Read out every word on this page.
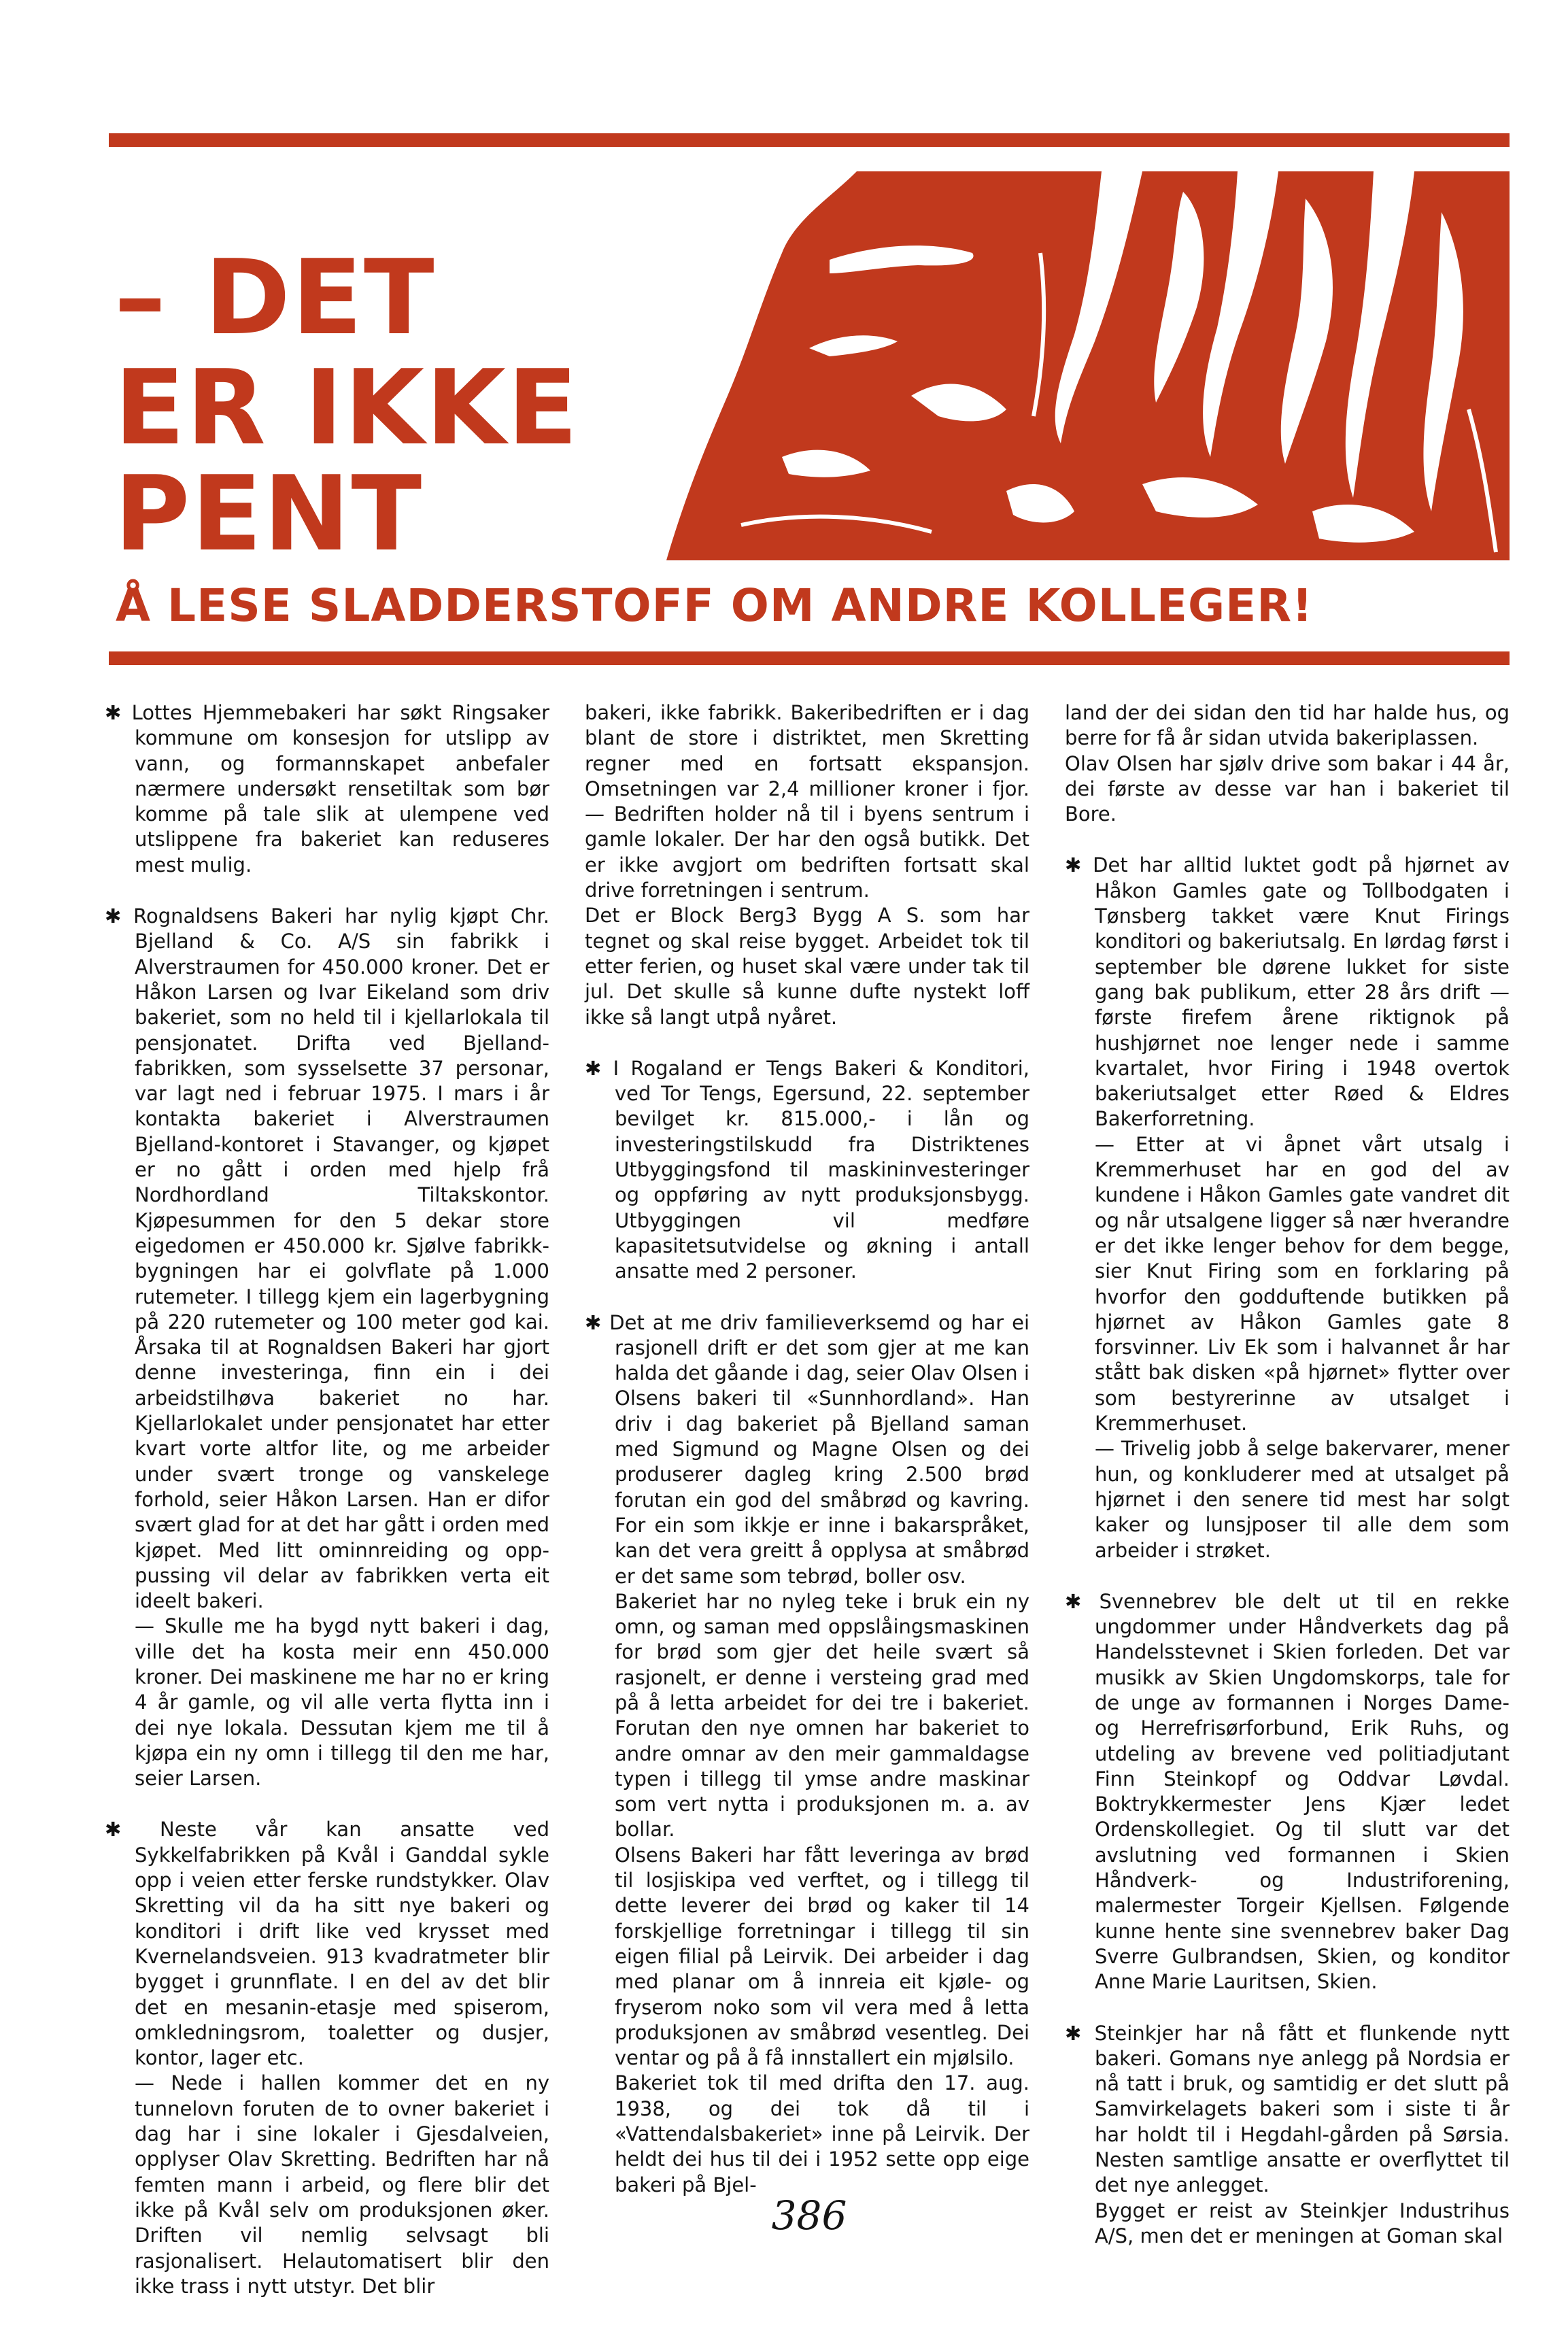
– DET
ER IKKE
PENT
Å LESE SLADDERSTOFF OM ANDRE KOLLEGER!
✱ Lottes Hjemmebakeri har søkt Ringsaker kommune om konsesjon for utslipp av vann, og formannskapet anbefaler nærmere undersøkt rensetiltak som bør komme på tale slik at ulempene ved utslippene fra bakeriet kan reduseres mest mulig.
✱ Rognaldsens Bakeri har nylig kjøpt Chr. Bjelland & Co. A/S sin fabrikk i Alverstraumen for 450.000 kroner. Det er Håkon Larsen og Ivar Eikeland som driv bakeriet, som no held til i kjellarlokala til pensjonatet. Drifta ved Bjelland-fabrikken, som sysselsette 37 personar, var lagt ned i februar 1975. I mars i år kontakta bakeriet i Alverstraumen Bjelland-kontoret i Stavanger, og kjøpet er no gått i orden med hjelp frå Nordhordland Tiltakskontor. Kjøpesummen for den 5 dekar store eigedomen er 450.000 kr. Sjølve fabrikk-bygningen har ei golvflate på 1.000 rutemeter. I tillegg kjem ein lagerbygning på 220 rutemeter og 100 meter god kai. Årsaka til at Rognaldsen Bakeri har gjort denne investeringa, finn ein i dei arbeidstilhøva bakeriet no har. Kjellarlokalet under pensjonatet har etter kvart vorte altfor lite, og me arbeider under svært tronge og vanskelege forhold, seier Håkon Larsen. Han er difor svært glad for at det har gått i orden med kjøpet. Med litt ominnreiding og opp-pussing vil delar av fabrikken verta eit ideelt bakeri.
— Skulle me ha bygd nytt bakeri i dag, ville det ha kosta meir enn 450.000 kroner. Dei maskinene me har no er kring 4 år gamle, og vil alle verta flytta inn i dei nye lokala. Dessutan kjem me til å kjøpa ein ny omn i tillegg til den me har, seier Larsen.
✱ Neste vår kan ansatte ved Sykkelfabrikken på Kvål i Ganddal sykle opp i veien etter ferske rundstykker. Olav Skretting vil da ha sitt nye bakeri og konditori i drift like ved krysset med Kvernelandsveien. 913 kvadratmeter blir bygget i grunnflate. I en del av det blir det en mesanin-etasje med spiserom, omkledningsrom, toaletter og dusjer, kontor, lager etc.
— Nede i hallen kommer det en ny tunnelovn foruten de to ovner bakeriet i dag har i sine lokaler i Gjesdalveien, opplyser Olav Skretting. Bedriften har nå femten mann i arbeid, og flere blir det ikke på Kvål selv om produksjonen øker. Driften vil nemlig selvsagt bli rasjonalisert. Helautomatisert blir den ikke trass i nytt utstyr. Det blir
bakeri, ikke fabrikk. Bakeribedriften er i dag blant de store i distriktet, men Skretting regner med en fortsatt ekspansjon. Omsetningen var 2,4 millioner kroner i fjor. — Bedriften holder nå til i byens sentrum i gamle lokaler. Der har den også butikk. Det er ikke avgjort om bedriften fortsatt skal drive forretningen i sentrum.
Det er Block Berg3 Bygg A S. som har tegnet og skal reise bygget. Arbeidet tok til etter ferien, og huset skal være under tak til jul. Det skulle så kunne dufte nystekt loff ikke så langt utpå nyåret.
✱ I Rogaland er Tengs Bakeri & Konditori, ved Tor Tengs, Egersund, 22. september bevilget kr. 815.000,- i lån og investeringstilskudd fra Distriktenes Utbyggingsfond til maskininvesteringer og oppføring av nytt produksjonsbygg. Utbyggingen vil medføre kapasitetsutvidelse og økning i antall ansatte med 2 personer.
✱ Det at me driv familieverksemd og har ei rasjonell drift er det som gjer at me kan halda det gåande i dag, seier Olav Olsen i Olsens bakeri til «Sunnhordland». Han driv i dag bakeriet på Bjelland saman med Sigmund og Magne Olsen og dei produserer dagleg kring 2.500 brød forutan ein god del småbrød og kavring. For ein som ikkje er inne i bakarspråket, kan det vera greitt å opplysa at småbrød er det same som tebrød, boller osv.
Bakeriet har no nyleg teke i bruk ein ny omn, og saman med oppslåingsmaskinen for brød som gjer det heile svært så rasjonelt, er denne i versteing grad med på å letta arbeidet for dei tre i bakeriet. Forutan den nye omnen har bakeriet to andre omnar av den meir gammaldagse typen i tillegg til ymse andre maskinar som vert nytta i produksjonen m. a. av bollar.
Olsens Bakeri har fått leveringa av brød til losjiskipa ved verftet, og i tillegg til dette leverer dei brød og kaker til 14 forskjellige forretningar i tillegg til sin eigen filial på Leirvik. Dei arbeider i dag med planar om å innreia eit kjøle- og fryserom noko som vil vera med å letta produksjonen av småbrød vesentleg. Dei ventar og på å få innstallert ein mjølsilo.
Bakeriet tok til med drifta den 17. aug. 1938, og dei tok då til i «Vattendalsbakeriet» inne på Leirvik. Der heldt dei hus til dei i 1952 sette opp eige bakeri på Bjel-
land der dei sidan den tid har halde hus, og berre for få år sidan utvida bakeriplassen.
Olav Olsen har sjølv drive som bakar i 44 år, dei første av desse var han i bakeriet til Bore.
✱ Det har alltid luktet godt på hjørnet av Håkon Gamles gate og Tollbodgaten i Tønsberg takket være Knut Firings konditori og bakeriutsalg. En lørdag først i september ble dørene lukket for siste gang bak publikum, etter 28 års drift — første firefem årene riktignok på hushjørnet noe lenger nede i samme kvartalet, hvor Firing i 1948 overtok bakeriutsalget etter Røed & Eldres Bakerforretning.
— Etter at vi åpnet vårt utsalg i Kremmerhuset har en god del av kundene i Håkon Gamles gate vandret dit og når utsalgene ligger så nær hverandre er det ikke lenger behov for dem begge, sier Knut Firing som en forklaring på hvorfor den godduftende butikken på hjørnet av Håkon Gamles gate 8 forsvinner. Liv Ek som i halvannet år har stått bak disken «på hjørnet» flytter over som bestyrerinne av utsalget i Kremmerhuset.
— Trivelig jobb å selge bakervarer, mener hun, og konkluderer med at utsalget på hjørnet i den senere tid mest har solgt kaker og lunsjposer til alle dem som arbeider i strøket.
✱ Svennebrev ble delt ut til en rekke ungdommer under Håndverkets dag på Handelsstevnet i Skien forleden. Det var musikk av Skien Ungdomskorps, tale for de unge av formannen i Norges Dame- og Herrefrisørforbund, Erik Ruhs, og utdeling av brevene ved politiadjutant Finn Steinkopf og Oddvar Løvdal. Boktrykkermester Jens Kjær ledet Ordenskollegiet. Og til slutt var det avslutning ved formannen i Skien Håndverk- og Industriforening, malermester Torgeir Kjellsen. Følgende kunne hente sine svennebrev baker Dag Sverre Gulbrandsen, Skien, og konditor Anne Marie Lauritsen, Skien.
✱ Steinkjer har nå fått et flunkende nytt bakeri. Gomans nye anlegg på Nordsia er nå tatt i bruk, og samtidig er det slutt på Samvirkelagets bakeri som i siste ti år har holdt til i Hegdahl-gården på Sørsia. Nesten samtlige ansatte er overflyttet til det nye anlegget.
Bygget er reist av Steinkjer Industrihus A/S, men det er meningen at Goman skal
386
